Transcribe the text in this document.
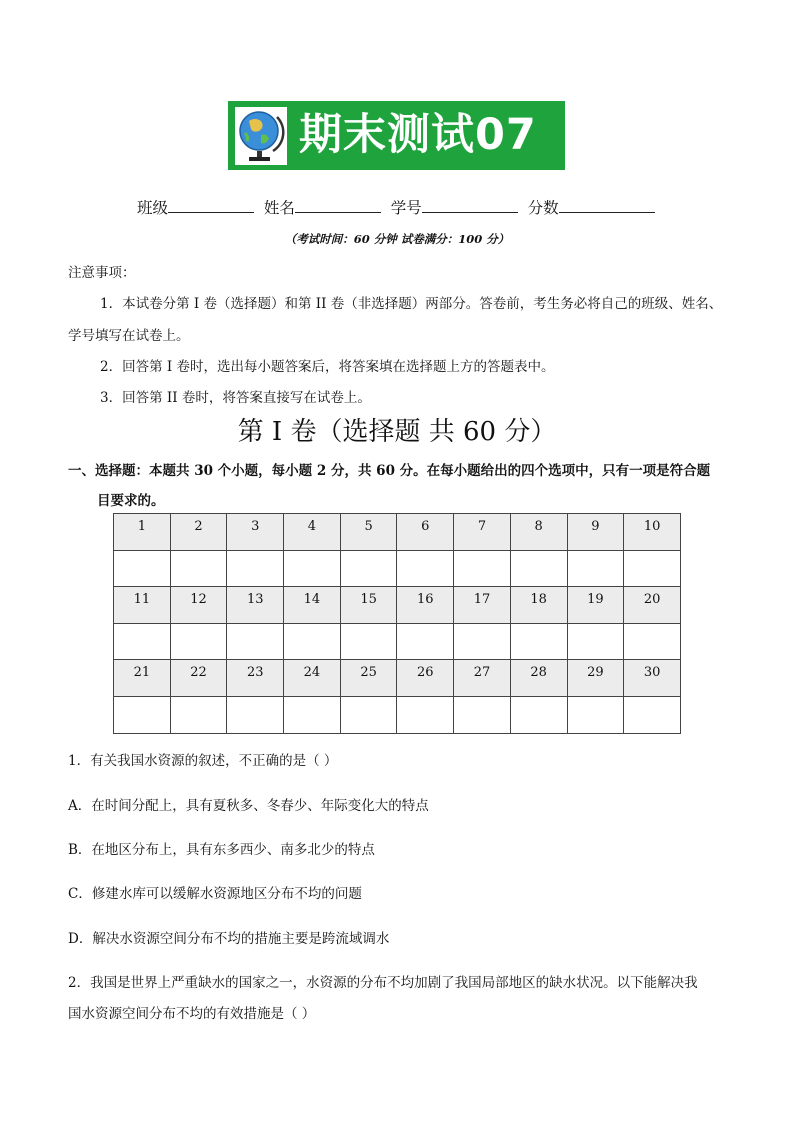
期末测试07
班级	姓名	学号	分数
（考试时间：60 分钟 试卷满分：100 分）
注意事项：
1．本试卷分第 I 卷（选择题）和第 II 卷（非选择题）两部分。答卷前，考生务必将自己的班级、姓名、
学号填写在试卷上。
2．回答第 I 卷时，选出每小题答案后，将答案填在选择题上方的答题表中。
3．回答第 II 卷时，将答案直接写在试卷上。
第 I 卷（选择题 共 60 分）
一、选择题：本题共 30 个小题，每小题 2 分，共 60 分。在每小题给出的四个选项中，只有一项是符合题
目要求的。
1	2	3	4	5	6	7	8	9	10

11	12	13	14	15	16	17	18	19	20

21	22	23	24	25	26	27	28	29	30

1．有关我国水资源的叙述，不正确的是（ ）
A．在时间分配上，具有夏秋多、冬春少、年际变化大的特点
B．在地区分布上，具有东多西少、南多北少的特点
C．修建水库可以缓解水资源地区分布不均的问题
D．解决水资源空间分布不均的措施主要是跨流域调水
2．我国是世界上严重缺水的国家之一，水资源的分布不均加剧了我国局部地区的缺水状况。以下能解决我
国水资源空间分布不均的有效措施是（ ）
